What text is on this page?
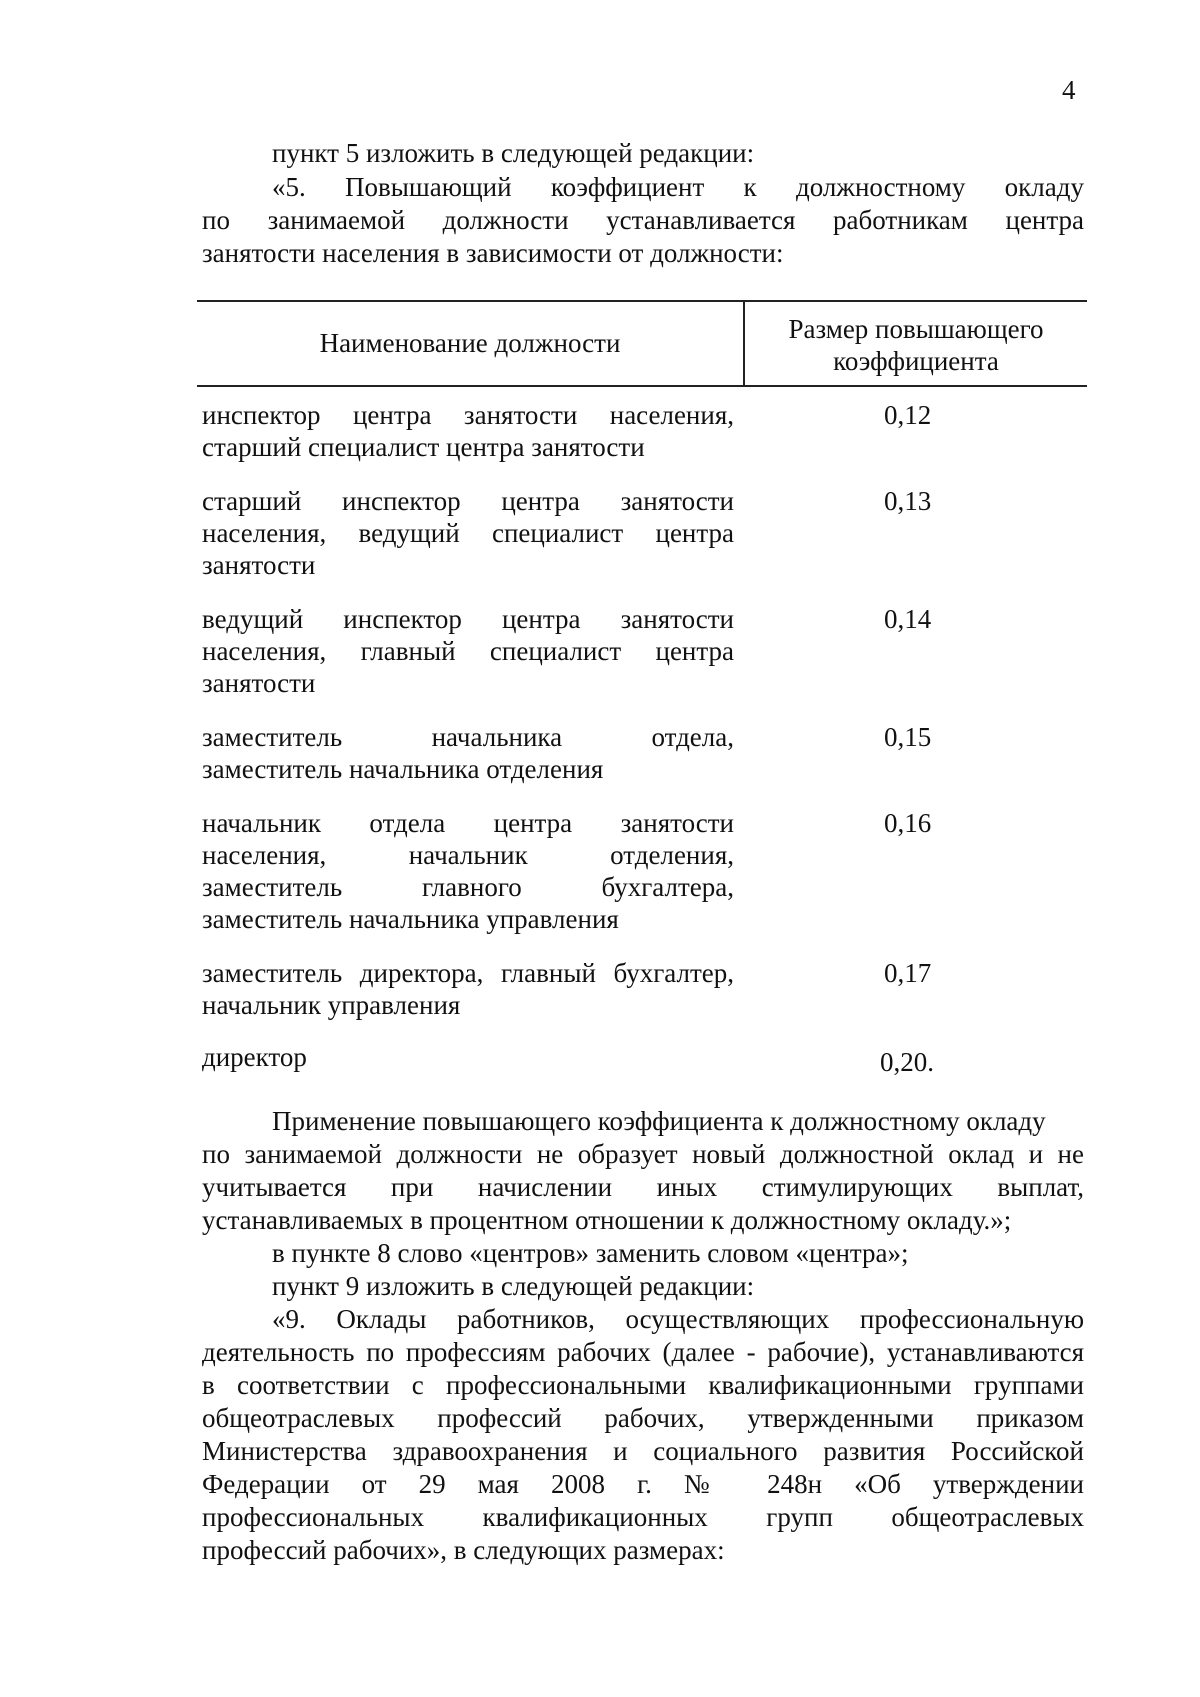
4
пункт 5 изложить в следующей редакции:
«5. Повышающий коэффициент к должностному окладу
по занимаемой должности устанавливается работникам центра
занятости населения в зависимости от должности:
Наименование должности	Размер повышающего
коэффициента
инспектор центра занятости населения,
старший специалист центра занятости
0,12
старший инспектор центра занятости
населения, ведущий специалист центра
занятости
0,13
ведущий инспектор центра занятости
населения, главный специалист центра
занятости
0,14
заместитель начальника отдела,
заместитель начальника отделения
0,15
начальник отдела центра занятости
населения, начальник отделения,
заместитель главного бухгалтера,
заместитель начальника управления
0,16
заместитель директора, главный бухгалтер,
начальник управления
0,17
директор	0,20.
Применение повышающего коэффициента к должностному окладу
по занимаемой должности не образует новый должностной оклад и не
учитывается при начислении иных стимулирующих выплат,
устанавливаемых в процентном отношении к должностному окладу.»;
в пункте 8 слово «центров» заменить словом «центра»;
пункт 9 изложить в следующей редакции:
«9. Оклады работников, осуществляющих профессиональную
деятельность по профессиям рабочих (далее - рабочие), устанавливаются
в соответствии с профессиональными квалификационными группами
общеотраслевых профессий рабочих, утвержденными приказом
Министерства здравоохранения и социального развития Российской
Федерации от 29 мая 2008 г. № 248н «Об утверждении
профессиональных квалификационных групп общеотраслевых
профессий рабочих», в следующих размерах:
